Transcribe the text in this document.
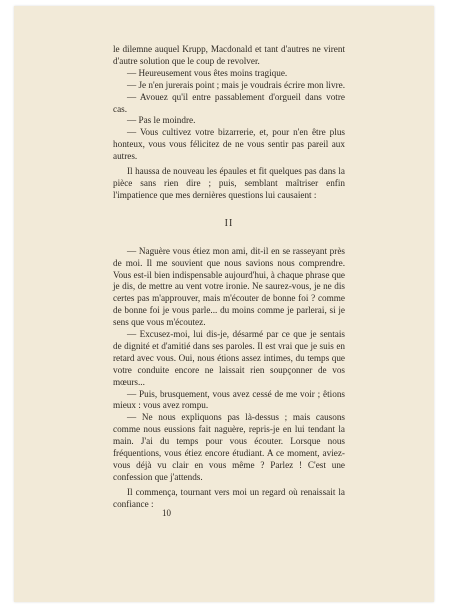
le dilemne auquel Krupp, Macdonald et tant d'autres ne virent d'autre solution que le coup de revolver.

— Heureusement vous êtes moins tragique.

— Je n'en jurerais point ; mais je voudrais écrire mon livre.

— Avouez qu'il entre passablement d'orgueil dans votre cas.

— Pas le moindre.

— Vous cultivez votre bizarrerie, et, pour n'en être plus honteux, vous vous félicitez de ne vous sentir pas pareil aux autres.

Il haussa de nouveau les épaules et fit quelques pas dans la pièce sans rien dire ; puis, semblant maîtriser enfin l'impatience que mes dernières questions lui causaient :

II

— Naguère vous étiez mon ami, dit-il en se rasseyant près de moi. Il me souvient que nous savions nous comprendre. Vous est-il bien indispensable aujourd'hui, à chaque phrase que je dis, de mettre au vent votre ironie. Ne saurez-vous, je ne dis certes pas m'approuver, mais m'écouter de bonne foi ? comme de bonne foi je vous parle... du moins comme je parlerai, si je sens que vous m'écoutez.

— Excusez-moi, lui dis-je, désarmé par ce que je sentais de dignité et d'amitié dans ses paroles. Il est vrai que je suis en retard avec vous. Oui, nous étions assez intimes, du temps que votre conduite encore ne laissait rien soupçonner de vos mœurs...

— Puis, brusquement, vous avez cessé de me voir ; êtions mieux : vous avez rompu.

— Ne nous expliquons pas là-dessus ; mais causons comme nous eussions fait naguère, repris-je en lui tendant la main. J'ai du temps pour vous écouter. Lorsque nous fréquentions, vous étiez encore étudiant. A ce moment, aviez-vous déjà vu clair en vous même ? Parlez ! C'est une confession que j'attends.

Il commença, tournant vers moi un regard où renaissait la confiance :

10
